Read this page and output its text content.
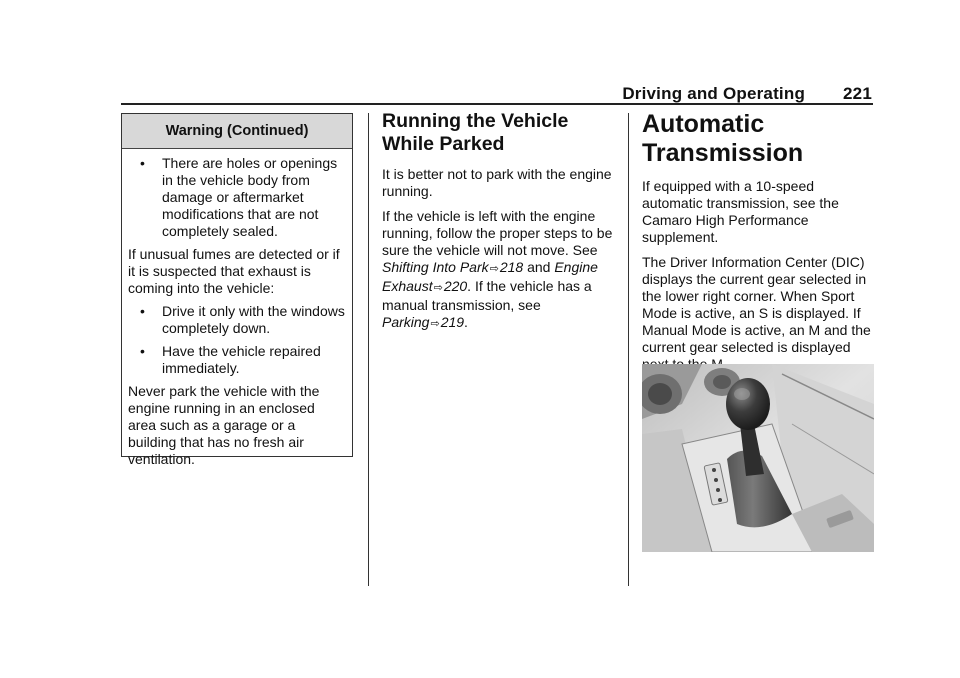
Driving and Operating 221
Warning (Continued)
• There are holes or openings in the vehicle body from damage or aftermarket modifications that are not completely sealed.

If unusual fumes are detected or if it is suspected that exhaust is coming into the vehicle:

• Drive it only with the windows completely down.
• Have the vehicle repaired immediately.

Never park the vehicle with the engine running in an enclosed area such as a garage or a building that has no fresh air ventilation.

Running the Vehicle While Parked

It is better not to park with the engine running.

If the vehicle is left with the engine running, follow the proper steps to be sure the vehicle will not move. See Shifting Into Park⇨218 and Engine Exhaust⇨220. If the vehicle has a manual transmission, see Parking⇨219.

Automatic Transmission

If equipped with a 10-speed automatic transmission, see the Camaro High Performance supplement.

The Driver Information Center (DIC) displays the current gear selected in the lower right corner. When Sport Mode is active, an S is displayed. If Manual Mode is active, an M and the current gear selected is displayed
